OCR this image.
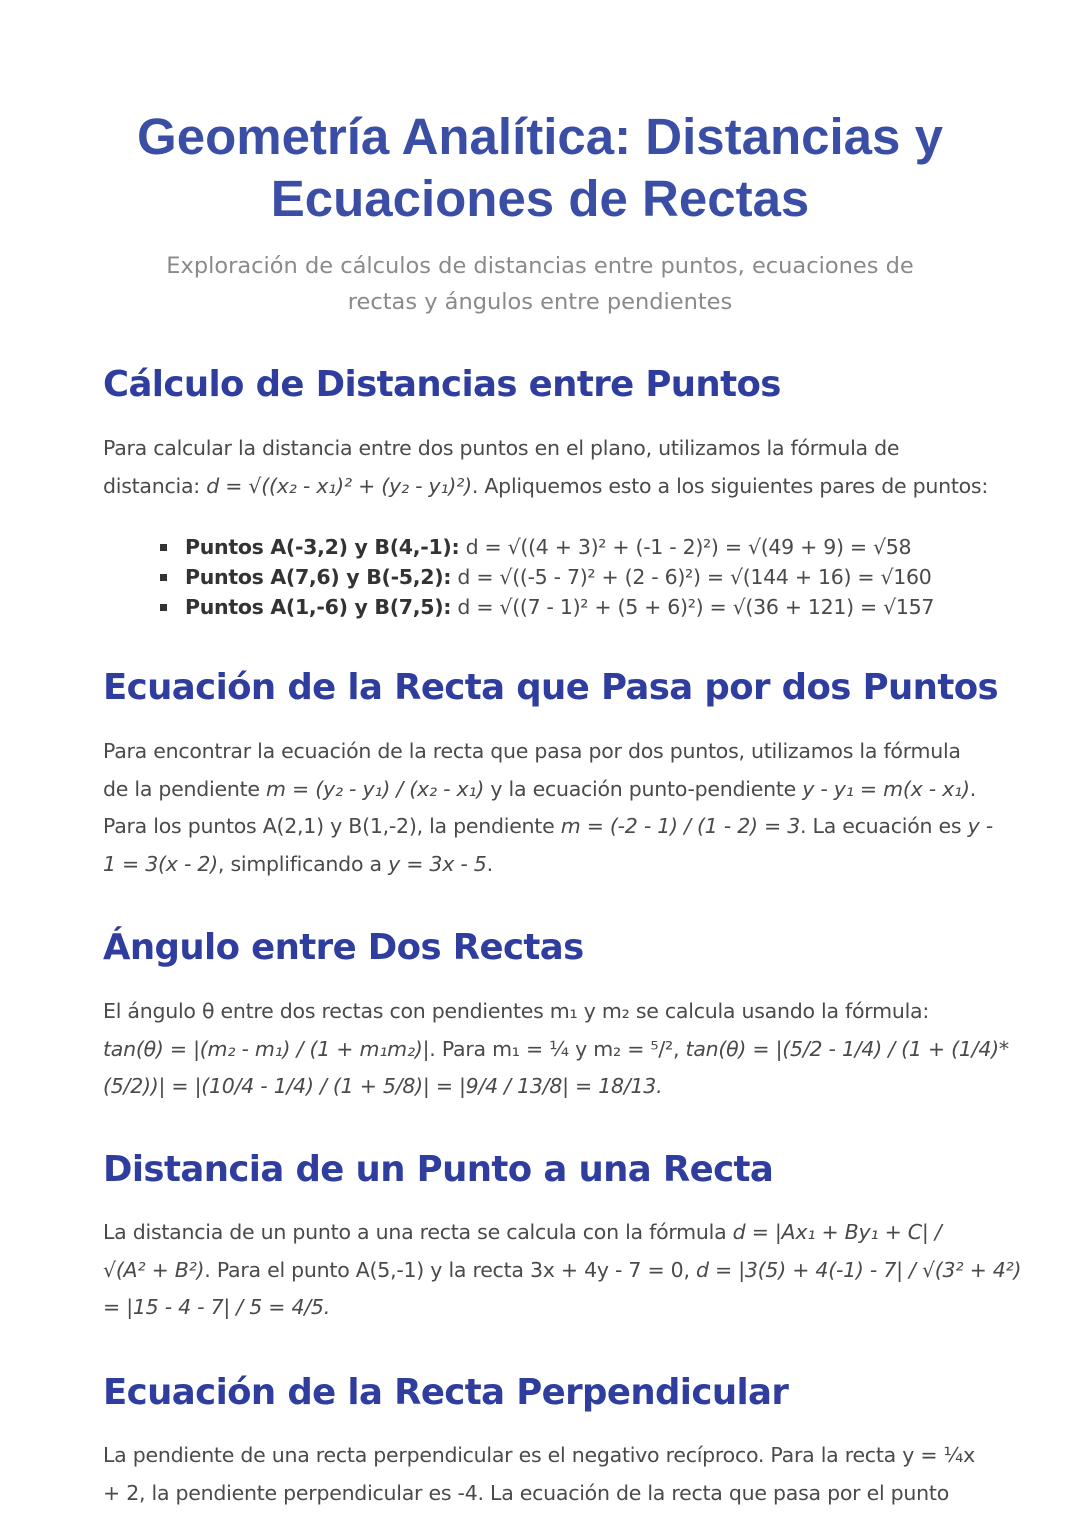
Geometría Analítica: Distancias y
Ecuaciones de Rectas

Exploración de cálculos de distancias entre puntos, ecuaciones de
rectas y ángulos entre pendientes

Cálculo de Distancias entre Puntos

Para calcular la distancia entre dos puntos en el plano, utilizamos la fórmula de
distancia: d = √((x₂ - x₁)² + (y₂ - y₁)²). Apliquemos esto a los siguientes pares de puntos:

Puntos A(-3,2) y B(4,-1): d = √((4 + 3)² + (-1 - 2)²) = √(49 + 9) = √58
Puntos A(7,6) y B(-5,2): d = √((-5 - 7)² + (2 - 6)²) = √(144 + 16) = √160
Puntos A(1,-6) y B(7,5): d = √((7 - 1)² + (5 + 6)²) = √(36 + 121) = √157
Ecuación de la Recta que Pasa por dos Puntos

Para encontrar la ecuación de la recta que pasa por dos puntos, utilizamos la fórmula
de la pendiente m = (y₂ - y₁) / (x₂ - x₁) y la ecuación punto-pendiente y - y₁ = m(x - x₁).
Para los puntos A(2,1) y B(1,-2), la pendiente m = (-2 - 1) / (1 - 2) = 3. La ecuación es y -
1 = 3(x - 2), simplificando a y = 3x - 5.

Ángulo entre Dos Rectas

El ángulo θ entre dos rectas con pendientes m₁ y m₂ se calcula usando la fórmula:
tan(θ) = |(m₂ - m₁) / (1 + m₁m₂)|. Para m₁ = ¼ y m₂ = ⁵/², tan(θ) = |(5/2 - 1/4) / (1 + (1/4)*
(5/2))| = |(10/4 - 1/4) / (1 + 5/8)| = |9/4 / 13/8| = 18/13.

Distancia de un Punto a una Recta

La distancia de un punto a una recta se calcula con la fórmula d = |Ax₁ + By₁ + C| /
√(A² + B²). Para el punto A(5,-1) y la recta 3x + 4y - 7 = 0, d = |3(5) + 4(-1) - 7| / √(3² + 4²)
= |15 - 4 - 7| / 5 = 4/5.

Ecuación de la Recta Perpendicular

La pendiente de una recta perpendicular es el negativo recíproco. Para la recta y = ¼x
+ 2, la pendiente perpendicular es -4. La ecuación de la recta que pasa por el punto
